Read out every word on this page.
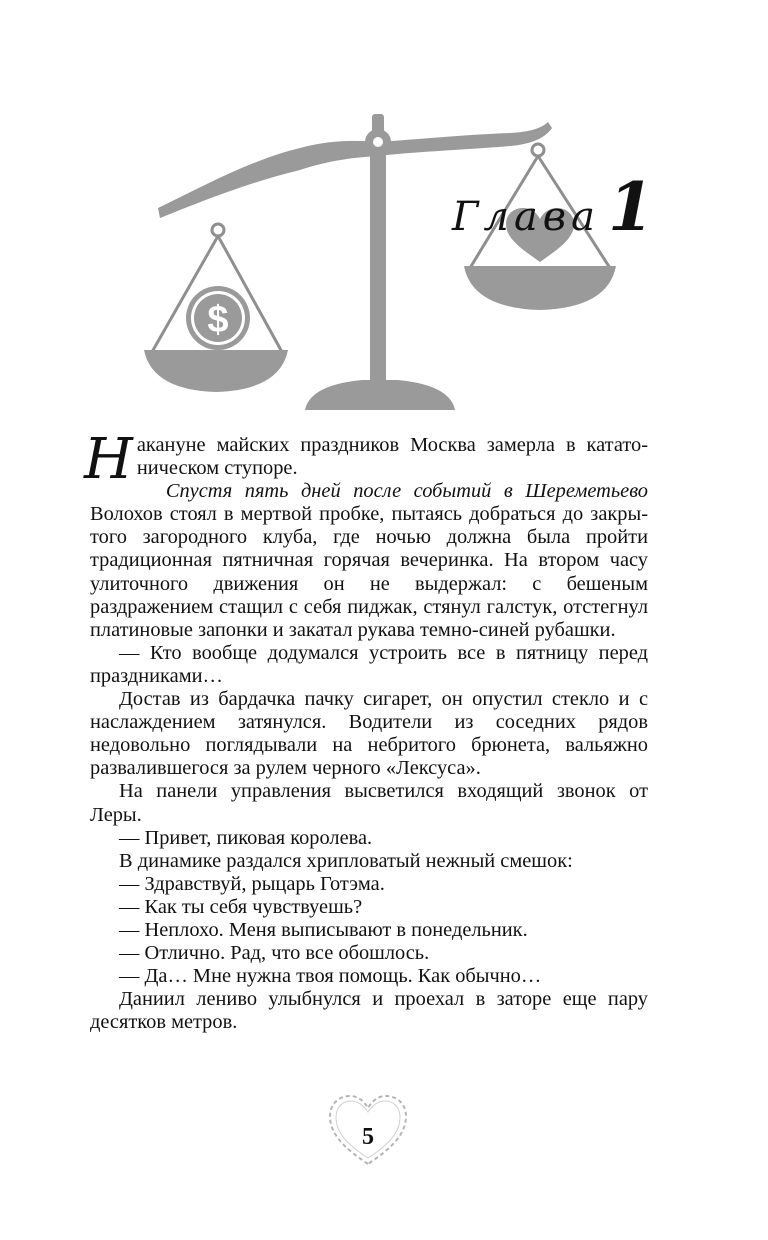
$
Глава 1

Накануне майских праздников Москва замерла в кататоническом ступоре.

Спустя пять дней после событий в Шереметьево Волохов стоял в мертвой пробке, пытаясь добраться до закрытого загородного клуба, где ночью должна была пройти традиционная пятничная горячая вечеринка. На втором часу улиточного движения он не выдержал: с бешеным раздражением стащил с себя пиджак, стянул галстук, отстегнул платиновые запонки и закатал рукава темно-синей рубашки.

— Кто вообще додумался устроить все в пятницу перед праздниками…

Достав из бардачка пачку сигарет, он опустил стекло и с наслаждением затянулся. Водители из соседних рядов недовольно поглядывали на небритого брюнета, вальяжно развалившегося за рулем черного «Лексуса».

На панели управления высветился входящий звонок от Леры.

— Привет, пиковая королева.

В динамике раздался хрипловатый нежный смешок:

— Здравствуй, рыцарь Готэма.

— Как ты себя чувствуешь?

— Неплохо. Меня выписывают в понедельник.

— Отлично. Рад, что все обошлось.

— Да… Мне нужна твоя помощь. Как обычно…

Даниил лениво улыбнулся и проехал в заторе еще пару десятков метров.

5
